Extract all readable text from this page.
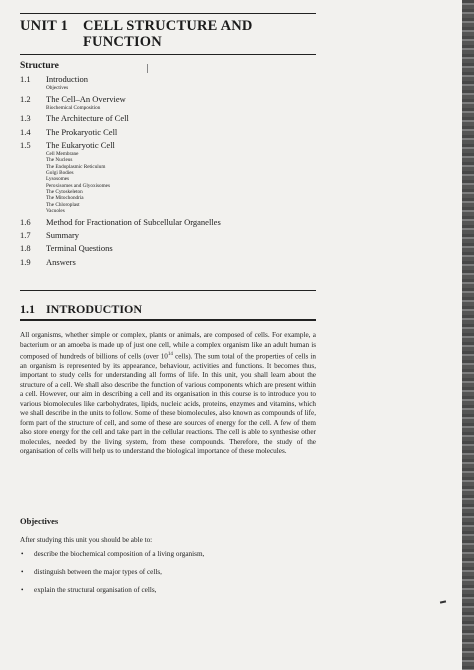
UNIT 1 CELL STRUCTURE AND
FUNCTION
Structure
1.1 Introduction
Objectives
1.2 The Cell–An Overview
Biochemical Composition
1.3 The Architecture of Cell
1.4 The Prokaryotic Cell
1.5 The Eukaryotic Cell
Cell Membrane
The Nucleus
The Endoplasmic Reticulum
Golgi Bodies
Lysosomes
Peroxisomes and Glyoxisomes
The Cytoskeleton
The Mitochondria
The Chloroplast
Vacuoles
1.6 Method for Fractionation of Subcellular Organelles
1.7 Summary
1.8 Terminal Questions
1.9 Answers
1.1 INTRODUCTION

All organisms, whether simple or complex, plants or animals, are composed of cells. For example, a bacterium or an amoeba is made up of just one cell, while a complex organism like an adult human is composed of hundreds of billions of cells (over $10^{14}$ cells). The sum total of the properties of cells in an organism is represented by its appearance, behaviour, activities and functions. It becomes thus, important to study cells for understanding all forms of life. In this unit, you shall learn about the structure of a cell. We shall also describe the function of various components which are present within a cell. However, our aim in describing a cell and its organisation in this course is to introduce you to various biomolecules like carbohydrates, lipids, nucleic acids, proteins, enzymes and vitamins, which we shall describe in the units to follow. Some of these biomolecules, also known as compounds of life, form part of the structure of cell, and some of these are sources of energy for the cell. A few of them also store energy for the cell and take part in the cellular reactions. The cell is able to synthesise other molecules, needed by the living system, from these compounds. Therefore, the study of the organisation of cells will help us to understand the biological importance of these molecules.

Objectives
After studying this unit you should be able to:
• describe the biochemical composition of a living organism,
• distinguish between the major types of cells,
• explain the structural organisation of cells,
